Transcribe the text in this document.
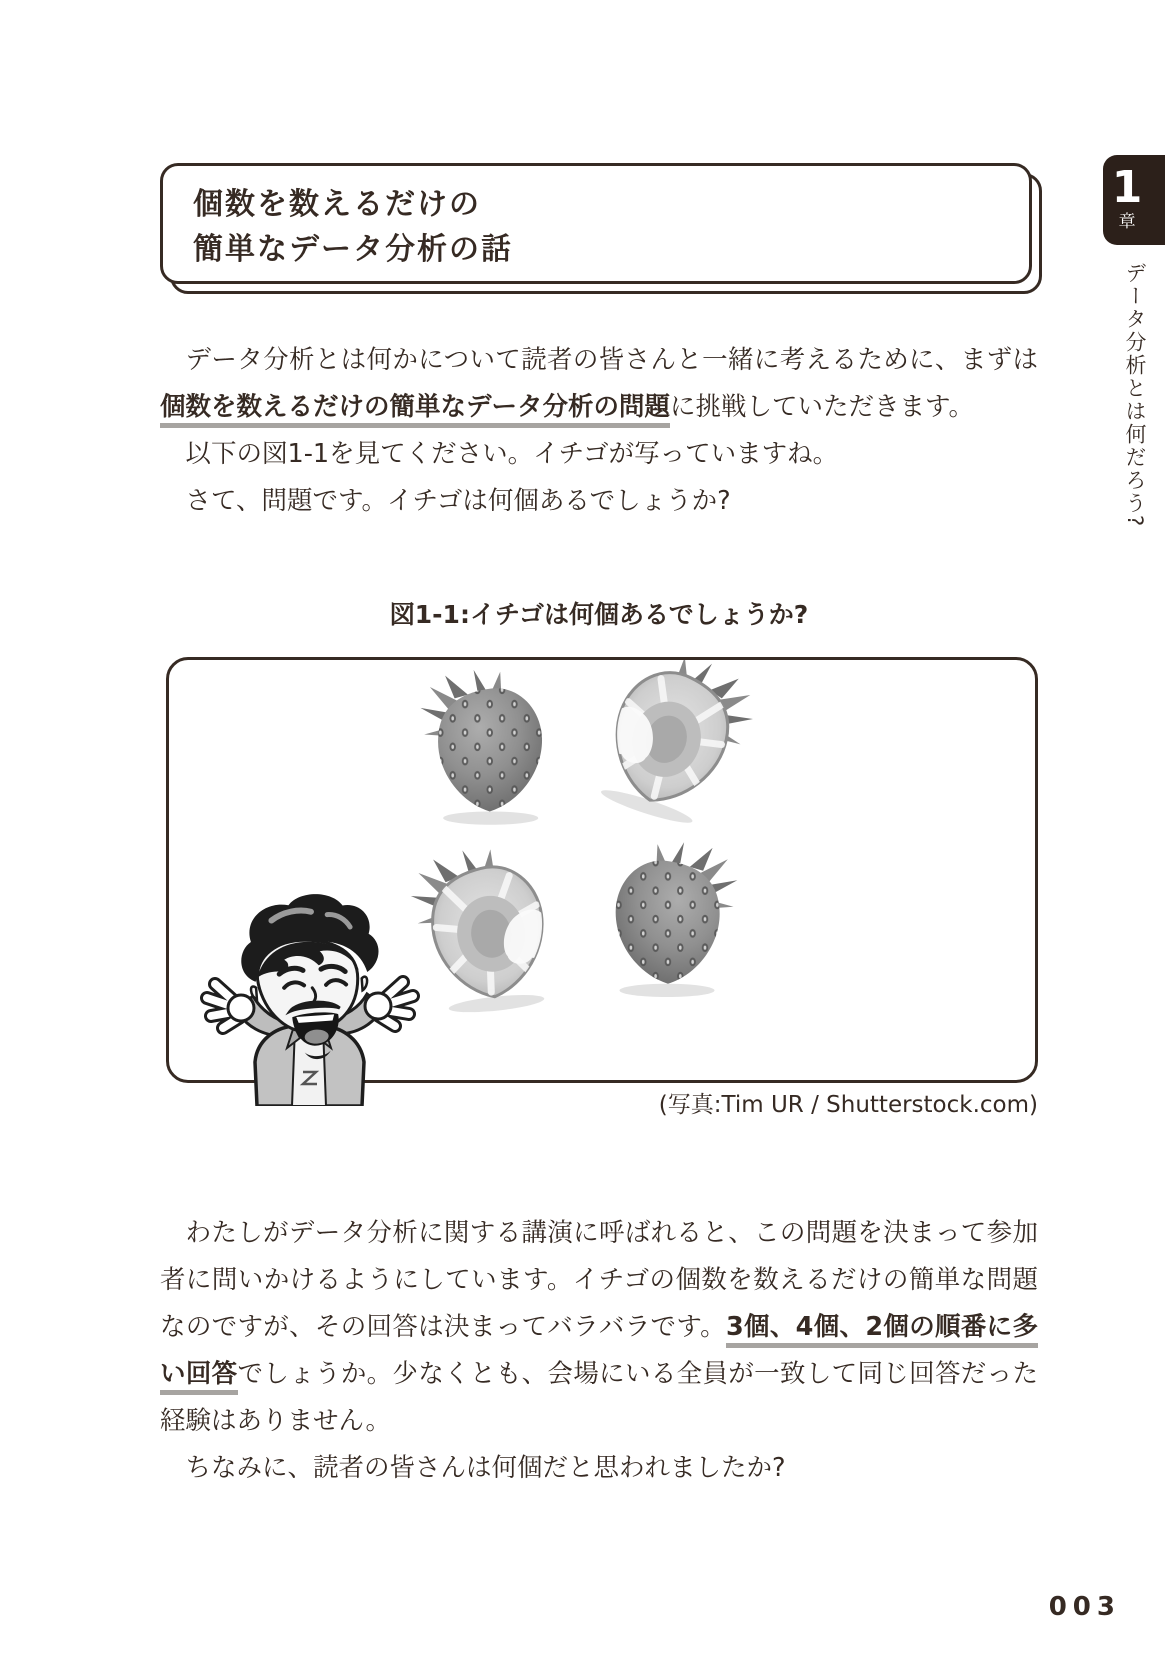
個数を数えるだけの
簡単なデータ分析の話
1
章
データ分析とは何だろう?

データ分析とは何かについて読者の皆さんと一緒に考えるために、まずは個数を数えるだけの簡単なデータ分析の問題に挑戦していただきます。

以下の図1-1を見てください。イチゴが写っていますね。

さて、問題です。イチゴは何個あるでしょうか?

図1-1:イチゴは何個あるでしょうか?
(写真:Tim UR / Shutterstock.com)

わたしがデータ分析に関する講演に呼ばれると、この問題を決まって参加者に問いかけるようにしています。イチゴの個数を数えるだけの簡単な問題なのですが、その回答は決まってバラバラです。3個、4個、2個の順番に多い回答でしょうか。少なくとも、会場にいる全員が一致して同じ回答だった経験はありません。

ちなみに、読者の皆さんは何個だと思われましたか?

003
